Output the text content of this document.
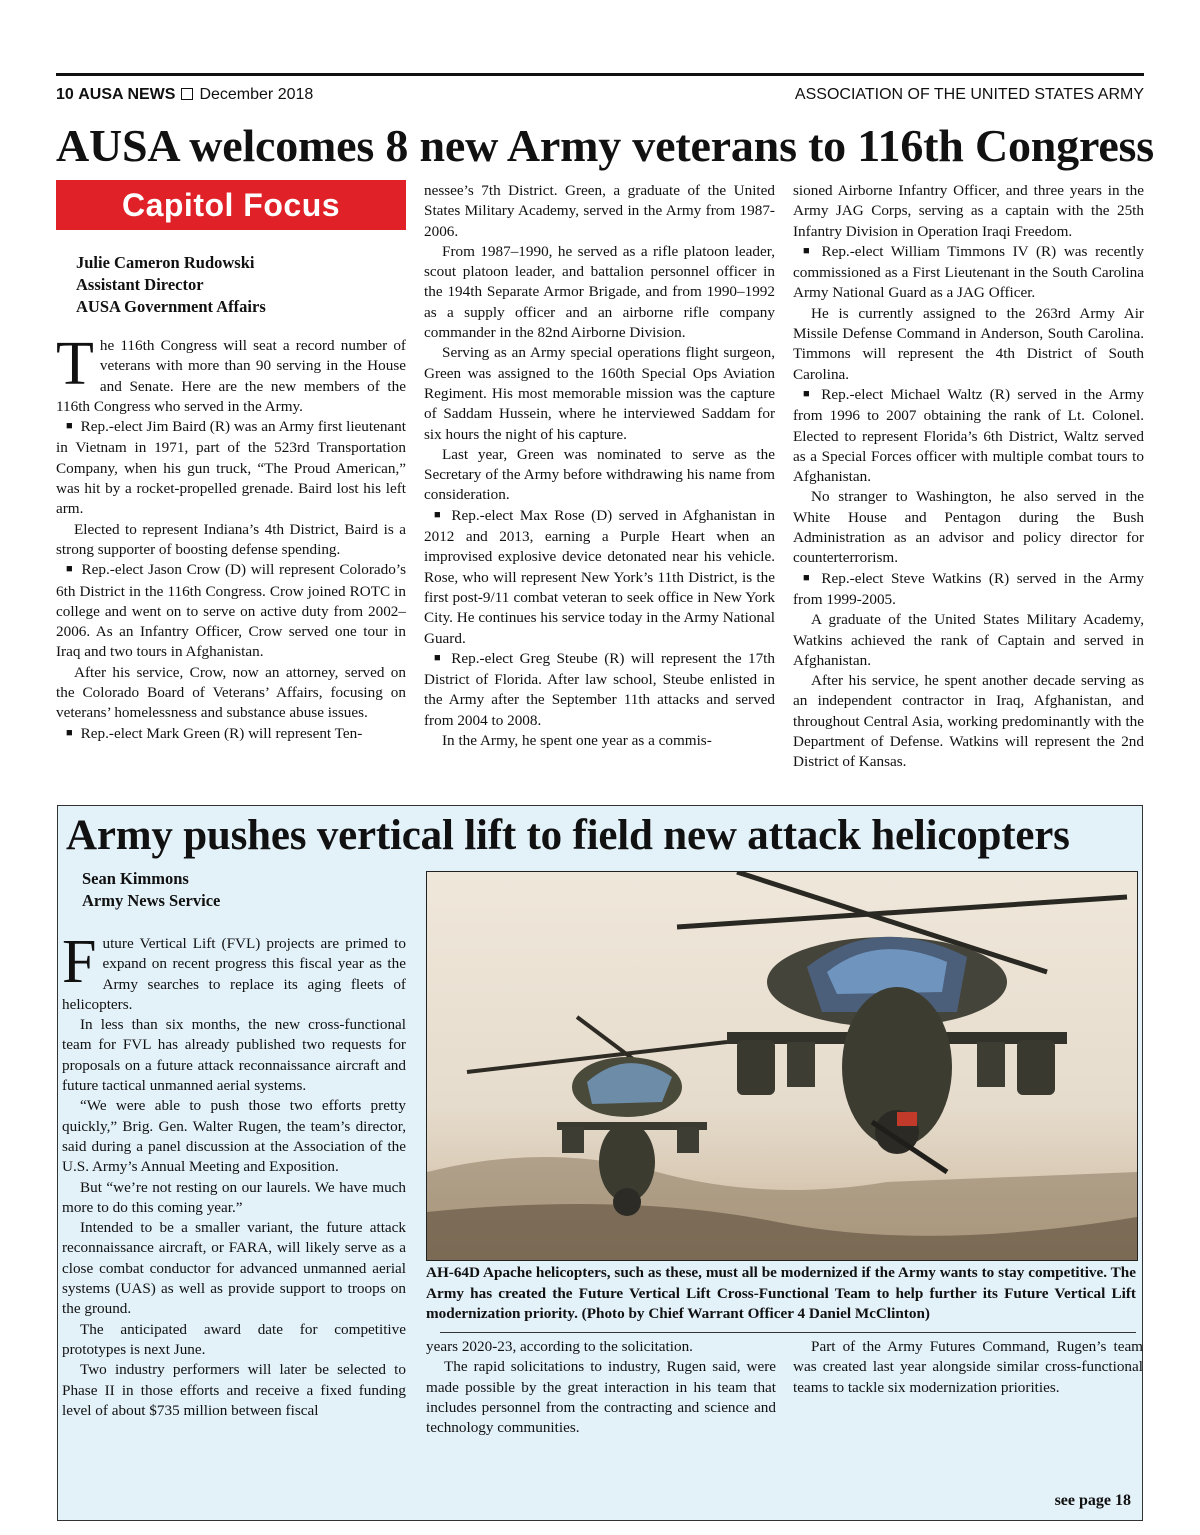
10 AUSA NEWS December 2018	ASSOCIATION OF THE UNITED STATES ARMY
AUSA welcomes 8 new Army veterans to 116th Congress
Capitol Focus
Julie Cameron Rudowski
Assistant Director
AUSA Government Affairs

The 116th Congress will seat a record number of veterans with more than 90 serving in the House and Senate. Here are the new members of the 116th Congress who served in the Army.

■ Rep.-elect Jim Baird (R) was an Army first lieutenant in Vietnam in 1971, part of the 523rd Transportation Company, when his gun truck, “The Proud American,” was hit by a rocket-propelled grenade. Baird lost his left arm.

Elected to represent Indiana’s 4th District, Baird is a strong supporter of boosting defense spending.

■ Rep.-elect Jason Crow (D) will represent Colorado’s 6th District in the 116th Congress. Crow joined ROTC in college and went on to serve on active duty from 2002–2006. As an Infantry Officer, Crow served one tour in Iraq and two tours in Afghanistan.

After his service, Crow, now an attorney, served on the Colorado Board of Veterans’ Affairs, focusing on veterans’ homelessness and substance abuse issues.

■ Rep.-elect Mark Green (R) will represent Ten-

nessee’s 7th District. Green, a graduate of the United States Military Academy, served in the Army from 1987-2006.

From 1987–1990, he served as a rifle platoon leader, scout platoon leader, and battalion personnel officer in the 194th Separate Armor Brigade, and from 1990–1992 as a supply officer and an airborne rifle company commander in the 82nd Airborne Division.

Serving as an Army special operations flight surgeon, Green was assigned to the 160th Special Ops Aviation Regiment. His most memorable mission was the capture of Saddam Hussein, where he interviewed Saddam for six hours the night of his capture.

Last year, Green was nominated to serve as the Secretary of the Army before withdrawing his name from consideration.

■ Rep.-elect Max Rose (D) served in Afghanistan in 2012 and 2013, earning a Purple Heart when an improvised explosive device detonated near his vehicle. Rose, who will represent New York’s 11th District, is the first post-9/11 combat veteran to seek office in New York City. He continues his service today in the Army National Guard.

■ Rep.-elect Greg Steube (R) will represent the 17th District of Florida. After law school, Steube enlisted in the Army after the September 11th attacks and served from 2004 to 2008.

In the Army, he spent one year as a commis-

sioned Airborne Infantry Officer, and three years in the Army JAG Corps, serving as a captain with the 25th Infantry Division in Operation Iraqi Freedom.

■ Rep.-elect William Timmons IV (R) was recently commissioned as a First Lieutenant in the South Carolina Army National Guard as a JAG Officer.

He is currently assigned to the 263rd Army Air Missile Defense Command in Anderson, South Carolina. Timmons will represent the 4th District of South Carolina.

■ Rep.-elect Michael Waltz (R) served in the Army from 1996 to 2007 obtaining the rank of Lt. Colonel. Elected to represent Florida’s 6th District, Waltz served as a Special Forces officer with multiple combat tours to Afghanistan.

No stranger to Washington, he also served in the White House and Pentagon during the Bush Administration as an advisor and policy director for counterterrorism.

■ Rep.-elect Steve Watkins (R) served in the Army from 1999-2005.

A graduate of the United States Military Academy, Watkins achieved the rank of Captain and served in Afghanistan.

After his service, he spent another decade serving as an independent contractor in Iraq, Afghanistan, and throughout Central Asia, working predominantly with the Department of Defense. Watkins will represent the 2nd District of Kansas.

Army pushes vertical lift to field new attack helicopters
Sean Kimmons
Army News Service

Future Vertical Lift (FVL) projects are primed to expand on recent progress this fiscal year as the Army searches to replace its aging fleets of helicopters.

In less than six months, the new cross-functional team for FVL has already published two requests for proposals on a future attack reconnaissance aircraft and future tactical unmanned aerial systems.

“We were able to push those two efforts pretty quickly,” Brig. Gen. Walter Rugen, the team’s director, said during a panel discussion at the Association of the U.S. Army’s Annual Meeting and Exposition.

But “we’re not resting on our laurels. We have much more to do this coming year.”

Intended to be a smaller variant, the future attack reconnaissance aircraft, or FARA, will likely serve as a close combat conductor for advanced unmanned aerial systems (UAS) as well as provide support to troops on the ground.

The anticipated award date for competitive prototypes is next June.

Two industry performers will later be selected to Phase II in those efforts and receive a fixed funding level of about $735 million between fiscal

AH-64D Apache helicopters, such as these, must all be modernized if the Army wants to stay competitive. The Army has created the Future Vertical Lift Cross-Functional Team to help further its Future Vertical Lift modernization priority. (Photo by Chief Warrant Officer 4 Daniel McClinton)

years 2020-23, according to the solicitation.

The rapid solicitations to industry, Rugen said, were made possible by the great interaction in his team that includes personnel from the contracting and science and technology communities.

Part of the Army Futures Command, Rugen’s team was created last year alongside similar cross-functional teams to tackle six modernization priorities.

see page 18
